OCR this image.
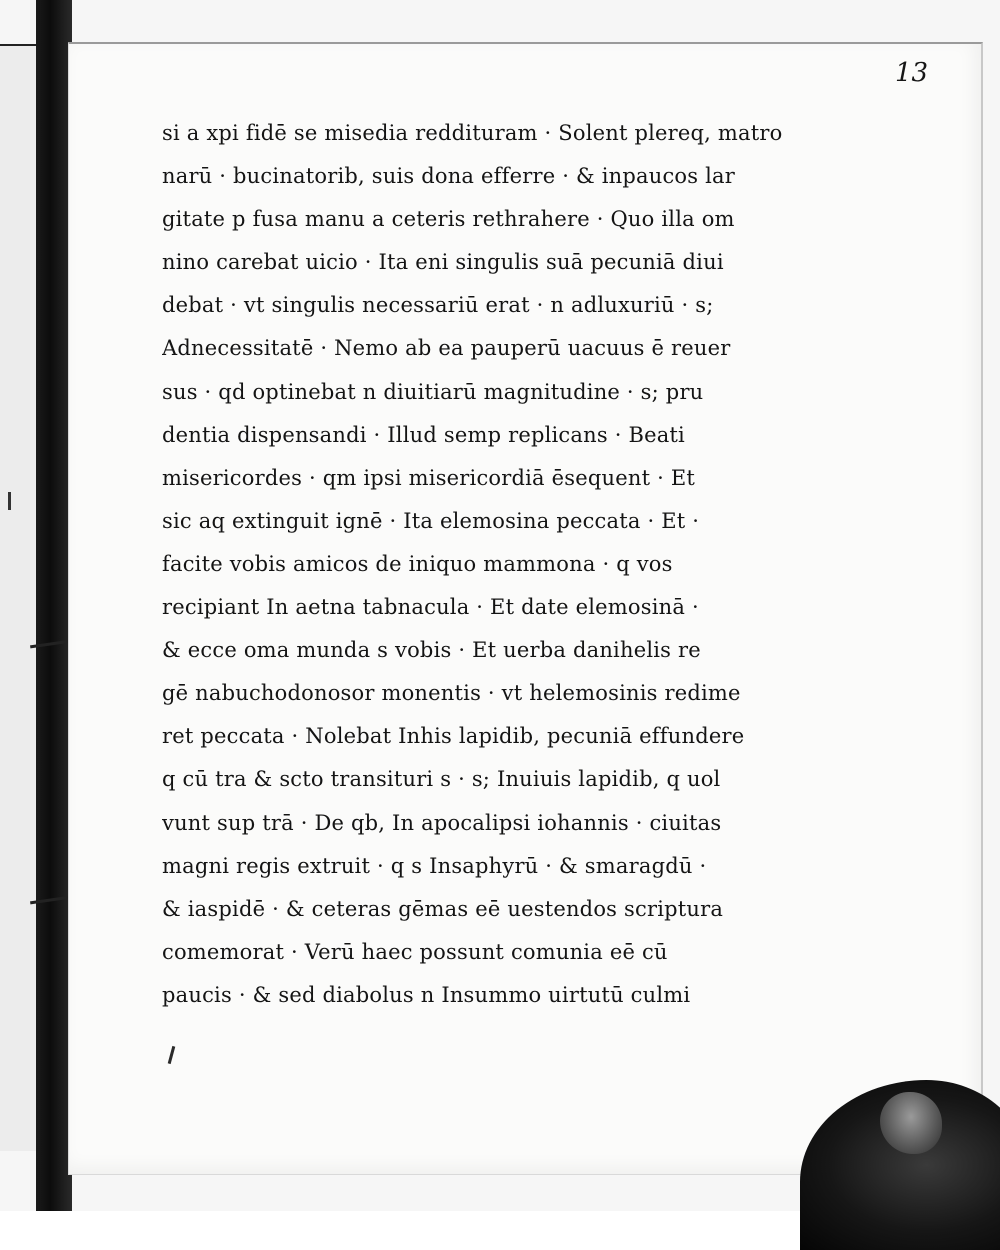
13
si a xpi fidē se misedia reddituram · Solent plereq, matro
narū · bucinatorib, suis dona efferre · & inpaucos lar
gitate p fusa manu a ceteris rethrahere · Quo illa om
nino carebat uicio · Ita eni singulis suā pecuniā diui
debat · vt singulis necessariū erat · n adluxuriū · s;
Adnecessitatē · Nemo ab ea pauperū uacuus ē reuer
sus · qd optinebat n diuitiarū magnitudine · s; pru
dentia dispensandi · Illud semp replicans · Beati
misericordes · qm ipsi misericordiā ēsequent · Et
sic aq extinguit ignē · Ita elemosina peccata · Et ·
facite vobis amicos de iniquo mammona · q vos
recipiant In aetna tabnacula · Et date elemosinā ·
& ecce oma munda s vobis · Et uerba danihelis re
gē nabuchodonosor monentis · vt helemosinis redime
ret peccata · Nolebat Inhis lapidib, pecuniā effundere
q cū tra & scto transituri s · s; Inuiuis lapidib, q uol
vunt sup trā · De qb, In apocalipsi iohannis · ciuitas
magni regis extruit · q s Insaphyrū · & smaragdū ·
& iaspidē · & ceteras gēmas eē uestendos scriptura
comemorat · Verū haec possunt comunia eē cū
paucis · & sed diabolus n Insummo uirtutū culmi
